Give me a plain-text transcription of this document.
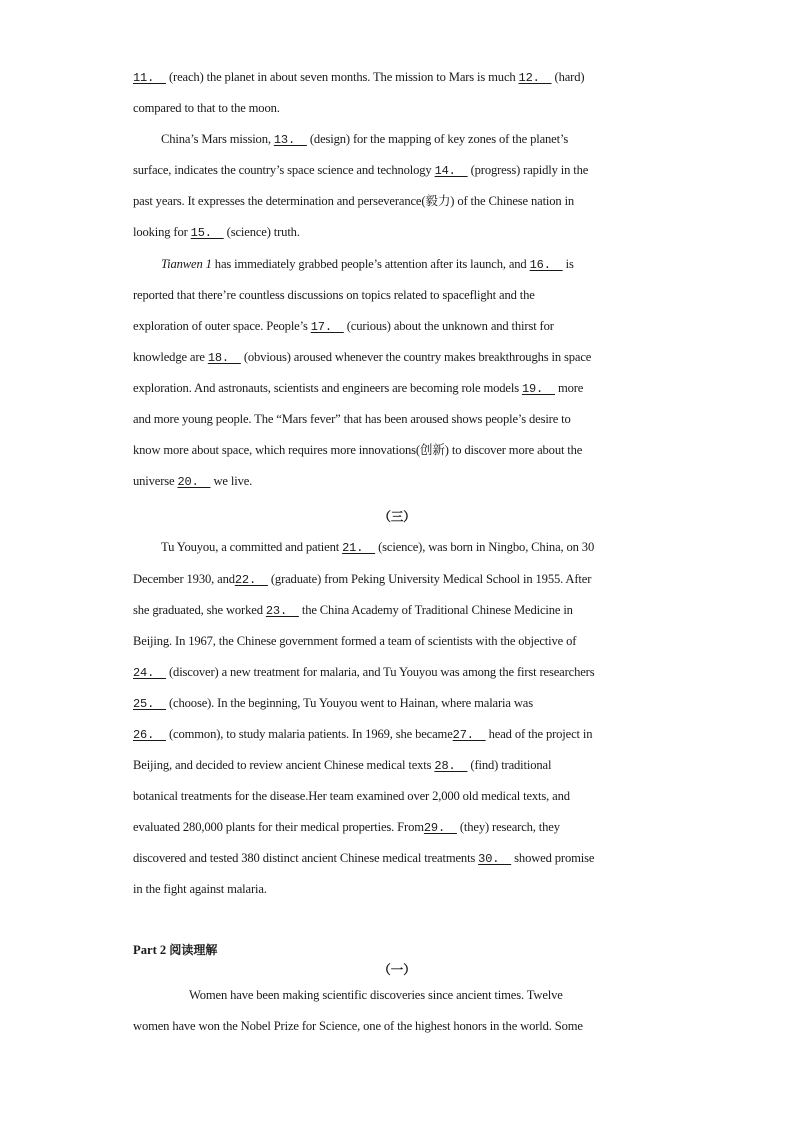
11.　 (reach) the planet in about seven months. The mission to Mars is much 12.　 (hard)
compared to that to the moon.
China’s Mars mission, 13.　 (design) for the mapping of key zones of the planet’s
surface, indicates the country’s space science and technology 14.　 (progress) rapidly in the
past years. It expresses the determination and perseverance(毅力) of the Chinese nation in
looking for 15.　 (science) truth.
Tianwen 1 has immediately grabbed people’s attention after its launch, and 16.　 is
reported that there’re countless discussions on topics related to spaceflight and the
exploration of outer space. People’s 17.　 (curious) about the unknown and thirst for
knowledge are 18.　 (obvious) aroused whenever the country makes breakthroughs in space
exploration. And astronauts, scientists and engineers are becoming role models 19.　 more
and more young people. The “Mars fever” that has been aroused shows people’s desire to
know more about space, which requires more innovations(创新) to discover more about the
universe 20.　 we live.
（三）
Tu Youyou, a committed and patient 21.　 (science), was born in Ningbo, China, on 30
December 1930, and22.　 (graduate) from Peking University Medical School in 1955. After
she graduated, she worked 23.　 the China Academy of Traditional Chinese Medicine in
Beijing. In 1967, the Chinese government formed a team of scientists with the objective of
24.　 (discover) a new treatment for malaria, and Tu Youyou was among the first researchers
25.　 (choose). In the beginning, Tu Youyou went to Hainan, where malaria was
26.　 (common), to study malaria patients. In 1969, she became27.　 head of the project in
Beijing, and decided to review ancient Chinese medical texts 28.　 (find) traditional
botanical treatments for the disease.Her team examined over 2,000 old medical texts, and
evaluated 280,000 plants for their medical properties. From29.　 (they) research, they
discovered and tested 380 distinct ancient Chinese medical treatments 30.　 showed promise
in the fight against malaria.
Part 2 阅读理解
（一）
Women have been making scientific discoveries since ancient times. Twelve
women have won the Nobel Prize for Science, one of the highest honors in the world. Some
